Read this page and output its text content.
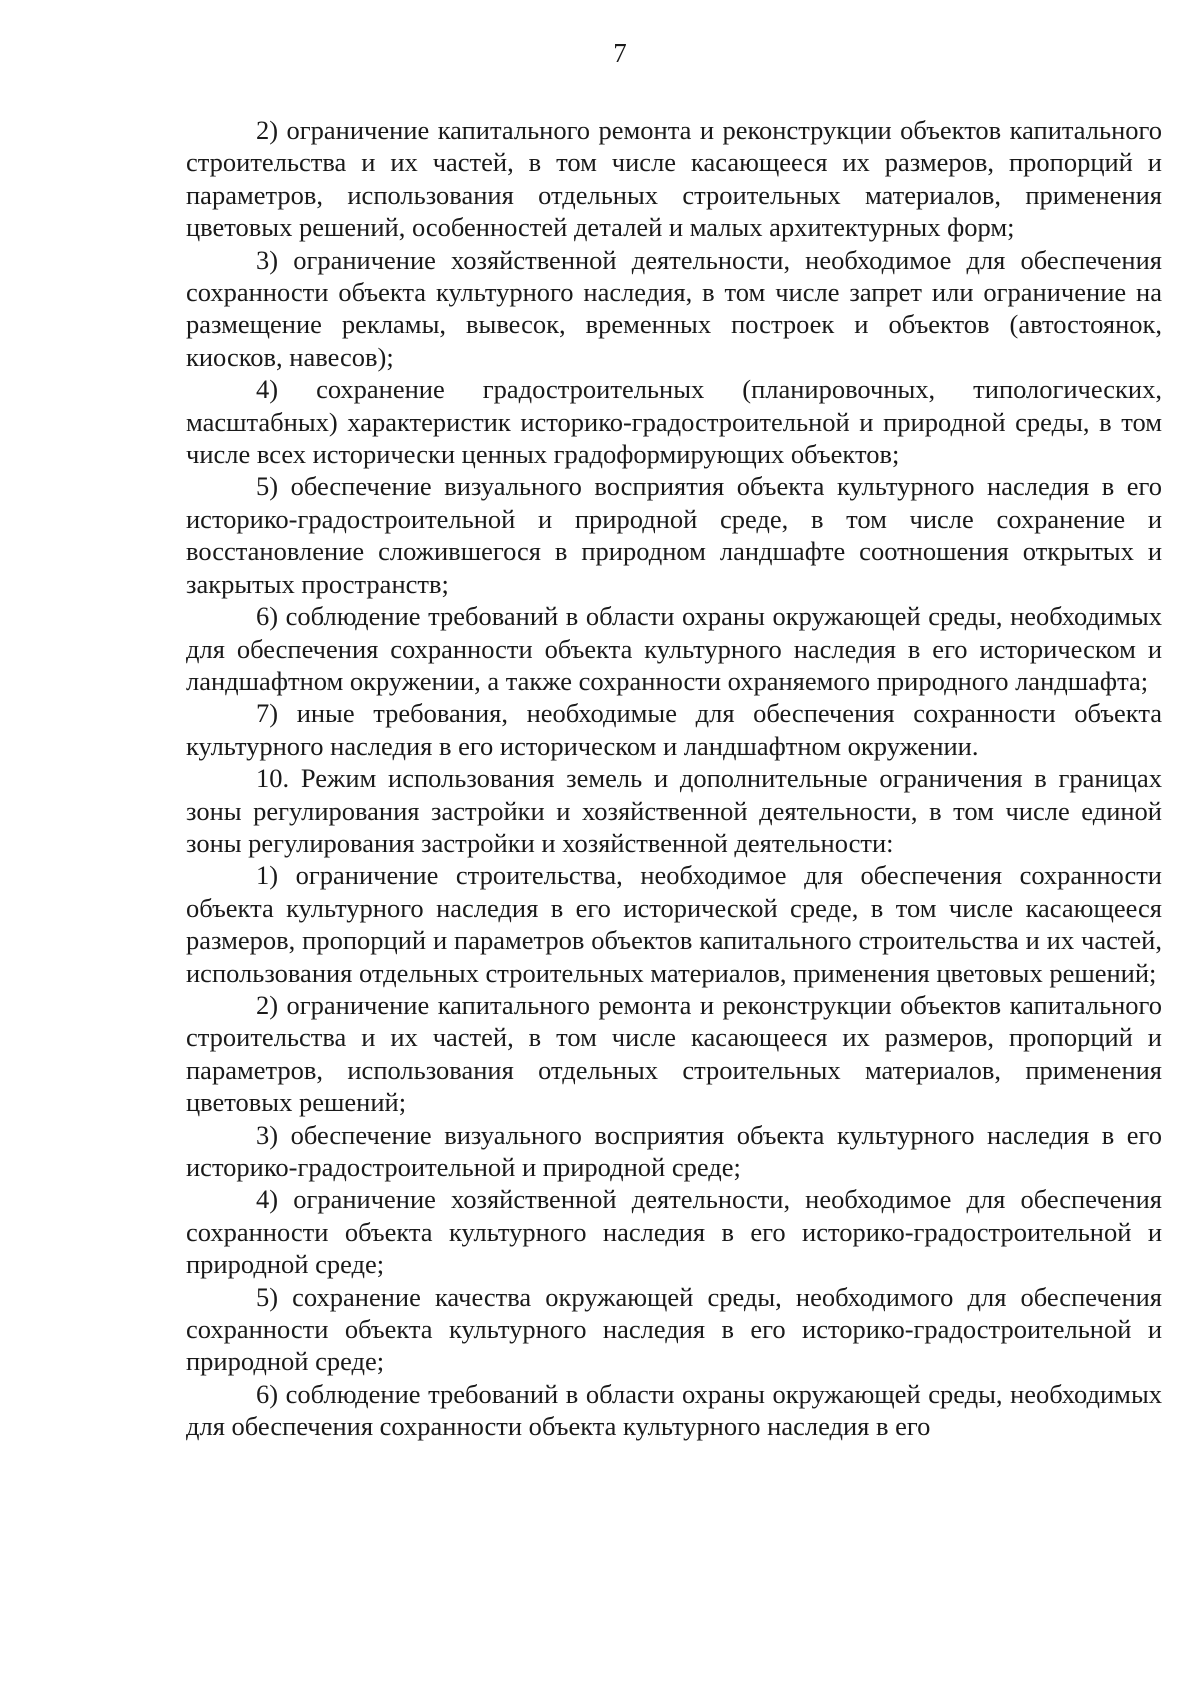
7

2) ограничение капитального ремонта и реконструкции объектов капитального строительства и их частей, в том числе касающееся их размеров, пропорций и параметров, использования отдельных строительных материалов, применения цветовых решений, особенностей деталей и малых архитектурных форм;

3) ограничение хозяйственной деятельности, необходимое для обеспечения сохранности объекта культурного наследия, в том числе запрет или ограничение на размещение рекламы, вывесок, временных построек и объектов (автостоянок, киосков, навесов);

4) сохранение градостроительных (планировочных, типологических, масштабных) характеристик историко-градостроительной и природной среды, в том числе всех исторически ценных градоформирующих объектов;

5) обеспечение визуального восприятия объекта культурного наследия в его историко-градостроительной и природной среде, в том числе сохранение и восстановление сложившегося в природном ландшафте соотношения открытых и закрытых пространств;

6) соблюдение требований в области охраны окружающей среды, необходимых для обеспечения сохранности объекта культурного наследия в его историческом и ландшафтном окружении, а также сохранности охраняемого природного ландшафта;

7) иные требования, необходимые для обеспечения сохранности объекта культурного наследия в его историческом и ландшафтном окружении.

10. Режим использования земель и дополнительные ограничения в границах зоны регулирования застройки и хозяйственной деятельности, в том числе единой зоны регулирования застройки и хозяйственной деятельности:

1) ограничение строительства, необходимое для обеспечения сохранности объекта культурного наследия в его исторической среде, в том числе касающееся размеров, пропорций и параметров объектов капитального строительства и их частей, использования отдельных строительных материалов, применения цветовых решений;

2) ограничение капитального ремонта и реконструкции объектов капитального строительства и их частей, в том числе касающееся их размеров, пропорций и параметров, использования отдельных строительных материалов, применения цветовых решений;

3) обеспечение визуального восприятия объекта культурного наследия в его историко-градостроительной и природной среде;

4) ограничение хозяйственной деятельности, необходимое для обеспечения сохранности объекта культурного наследия в его историко-градостроительной и природной среде;

5) сохранение качества окружающей среды, необходимого для обеспечения сохранности объекта культурного наследия в его историко-градостроительной и природной среде;

6) соблюдение требований в области охраны окружающей среды, необходимых для обеспечения сохранности объекта культурного наследия в его
